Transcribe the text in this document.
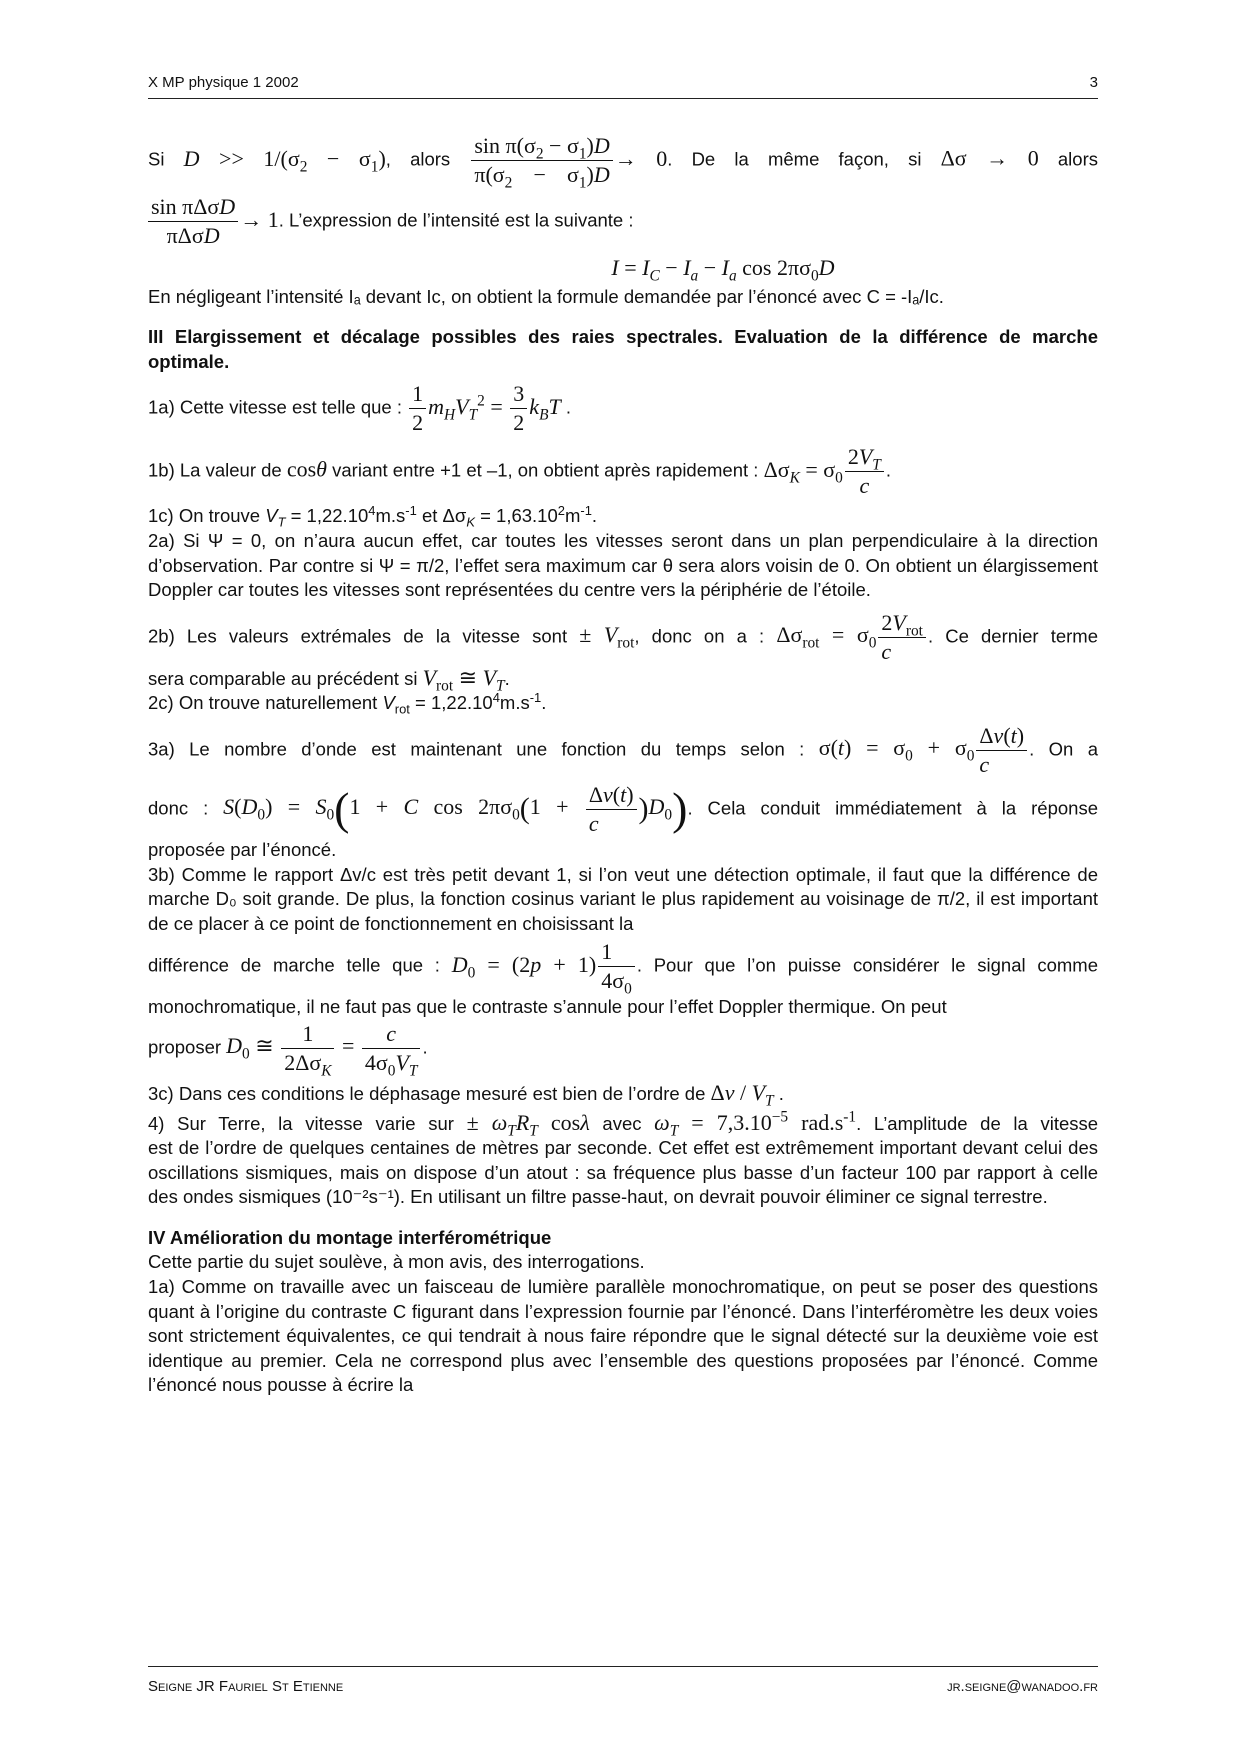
X MP physique 1 2002	3

Si $D >> 1/(\sigma_2 - \sigma_1)$, alors $\frac{\sin \pi(\sigma_2 - \sigma_1)D}{\pi(\sigma_2 - \sigma_1)D} \to 0$. De la même façon, si Δσ → 0 alors

$\frac{\text{sin πΔσD}}{\text{πΔσD}} \to 1$. L’expression de l’intensité est la suivante :

$I = I_C - I_a - I_a$ $\cos 2\pi\sigma_0D$

En négligeant l’intensité Iₐ devant Iᴄ, on obtient la formule demandée par l’énoncé avec C = -Iₐ/Iᴄ.

III Elargissement et décalage possibles des raies spectrales. Evaluation de la différence de marche optimale.

1a) Cette vitesse est telle que : $\frac{1}{2} m_HV_T^2 = \frac{3}{2} k_BT$ .

1b) La valeur de cosθ variant entre +1 et –1, on obtient après rapidement : $\Delta\sigma_K = \sigma_0 \frac{2V_T}{c}$ .

1c) On trouve $V_T = 1,22.10^4m.s^{-1}$ et $\Delta\sigma_K = 1,63.10^2m^{-1}$.

2a) Si Ψ = 0, on n’aura aucun effet, car toutes les vitesses seront dans un plan perpendiculaire à la direction d’observation. Par contre si Ψ = π/2, l’effet sera maximum car θ sera alors voisin de 0. On obtient un élargissement Doppler car toutes les vitesses sont représentées du centre vers la périphérie de l’étoile.

2b) Les valeurs extrémales de la vitesse sont ± $V_{rot}$, donc on a : $\Delta\sigma_{rot} = \sigma_0 \frac{2V_{rot}}{c}$ . Ce dernier terme

sera comparable au précédent si $V_{rot}$ ≅ $V_T$.

2c) On trouve naturellement $V_{rot} = 1,22.10^4m.s^{-1}$.

3a) Le nombre d’onde est maintenant une fonction du temps selon : $\sigma(t) = \sigma_0 + \sigma_0 \frac{\Delta v(t)}{c}$ . On a

donc : $S(D_0) = S_0(1 + C$ $\cos 2\pi\sigma_0(1 + \frac{\Delta v(t)}{c} )D_0$). Cela conduit immédiatement à la réponse

proposée par l’énoncé.

3b) Comme le rapport Δv/c est très petit devant 1, si l’on veut une détection optimale, il faut que la différence de marche D₀ soit grande. De plus, la fonction cosinus variant le plus rapidement au voisinage de π/2, il est important de ce placer à ce point de fonctionnement en choisissant la

différence de marche telle que : $D_0 = (2p + 1) \frac{1}{4\sigma_0}$ . Pour que l’on puisse considérer le signal comme

monochromatique, il ne faut pas que le contraste s’annule pour l’effet Doppler thermique. On peut

proposer $D_0$ ≅ $\frac{1}{2\Delta\sigma_K} = \frac{c}{4\sigma_0V_T}$ .

3c) Dans ces conditions le déphasage mesuré est bien de l’ordre de Δv / $V_T$ .

4) Sur Terre, la vitesse varie sur ± $\omega_TR_T$ cosλ avec $\omega_T = 7,3.10^{-5}$ $rad.s^{-1}$. L’amplitude de la vitesse

est de l’ordre de quelques centaines de mètres par seconde. Cet effet est extrêmement important devant celui des oscillations sismiques, mais on dispose d’un atout : sa fréquence plus basse d’un facteur 100 par rapport à celle des ondes sismiques (10⁻²s⁻¹). En utilisant un filtre passe-haut, on devrait pouvoir éliminer ce signal terrestre.

IV Amélioration du montage interférométrique

Cette partie du sujet soulève, à mon avis, des interrogations.

1a) Comme on travaille avec un faisceau de lumière parallèle monochromatique, on peut se poser des questions quant à l’origine du contraste C figurant dans l’expression fournie par l’énoncé. Dans l’interféromètre les deux voies sont strictement équivalentes, ce qui tendrait à nous faire répondre que le signal détecté sur la deuxième voie est identique au premier. Cela ne correspond plus avec l’ensemble des questions proposées par l’énoncé. Comme l’énoncé nous pousse à écrire la

Seigne JR Fauriel St Etienne	jr.seigne@wanadoo.fr
